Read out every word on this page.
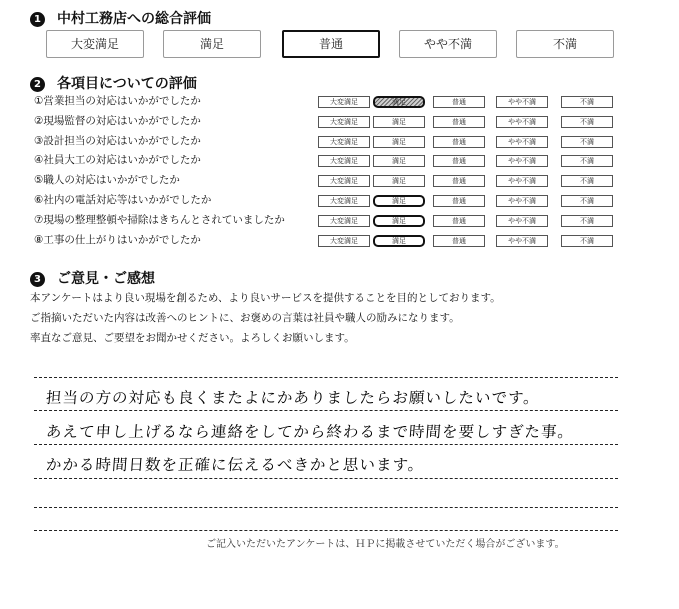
1 中村工務店への総合評価
大変満足	満足	普通	やや不満	不満
2 各項目についての評価
①営業担当の対応はいかがでしたか	大変満足	満足	普通	やや不満	不満
②現場監督の対応はいかがでしたか	大変満足	満足	普通	やや不満	不満
③設計担当の対応はいかがでしたか	大変満足	満足	普通	やや不満	不満
④社員大工の対応はいかがでしたか	大変満足	満足	普通	やや不満	不満
⑤職人の対応はいかがでしたか	大変満足	満足	普通	やや不満	不満
⑥社内の電話対応等はいかがでしたか	大変満足	満足	普通	やや不満	不満
⑦現場の整理整頓や掃除はきちんとされていましたか	大変満足	満足	普通	やや不満	不満
⑧工事の仕上がりはいかがでしたか	大変満足	満足	普通	やや不満	不満
3 ご意見・ご感想
本アンケートはより良い現場を創るため、より良いサービスを提供することを目的としております。
ご指摘いただいた内容は改善へのヒントに、お褒めの言葉は社員や職人の励みになります。
率直なご意見、ご要望をお聞かせください。よろしくお願いします。
担当の方の対応も良くまたよにかありましたらお願いしたいです。
あえて申し上げるなら連絡をしてから終わるまで時間を要しすぎた事。
かかる時間日数を正確に伝えるべきかと思います。
ご記入いただいたアンケートは、ＨＰに掲載させていただく場合がございます。
